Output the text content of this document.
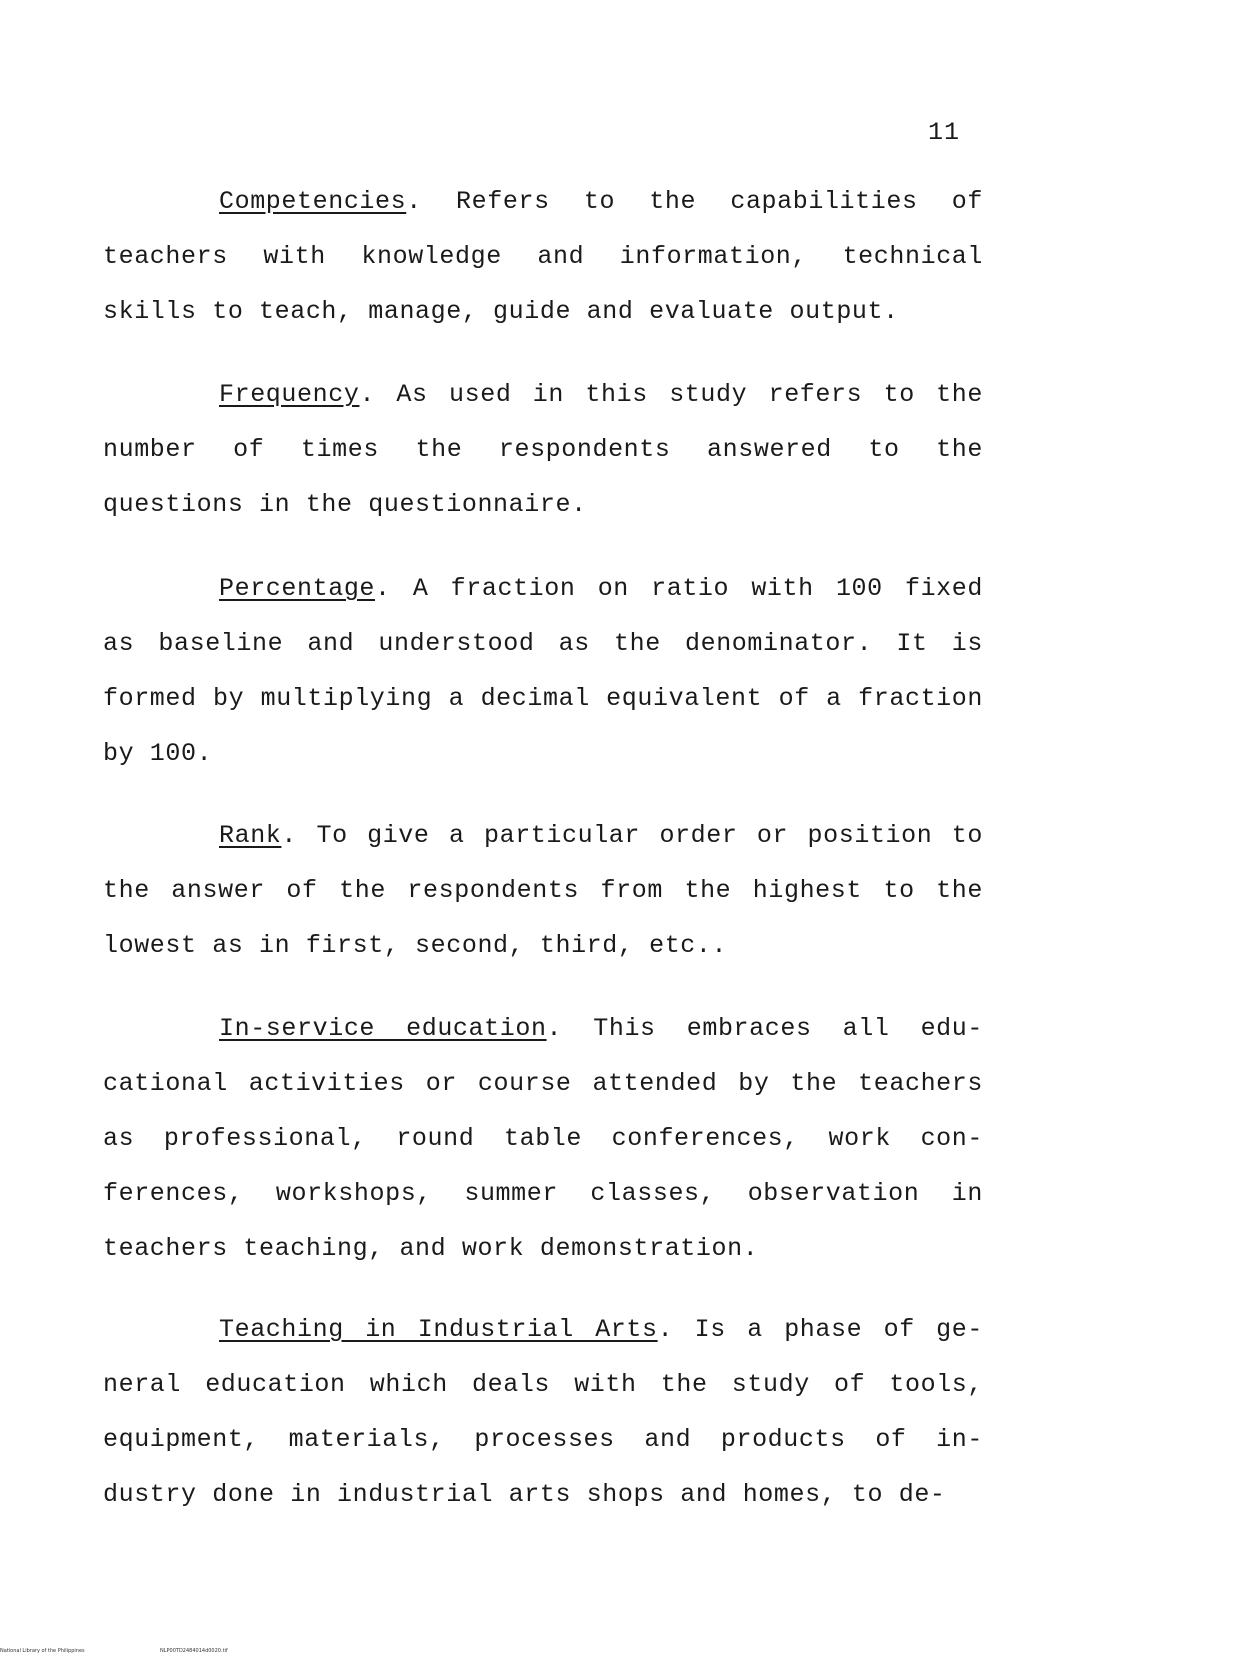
11

Competencies. Refers to the capabilities of teachers with knowledge and information, technical skills to teach, manage, guide and evaluate output.

Frequency. As used in this study refers to the number of times the respondents answered to the questions in the questionnaire.

Percentage. A fraction on ratio with 100 fixed as baseline and understood as the denominator. It is formed by multiplying a decimal equivalent of a fraction by 100.

Rank. To give a particular order or position to the answer of the respondents from the highest to the lowest as in first, second, third, etc..

In-service education. This embraces all edu-cational activities or course attended by the teachers as professional, round table conferences, work con-ferences, workshops, summer classes, observation in teachers teaching, and work demonstration.

Teaching in Industrial Arts. Is a phase of ge-neral education which deals with the study of tools, equipment, materials, processes and products of in-dustry done in industrial arts shops and homes, to de-

National Library of the Philippines	NLP00TD2484014d0020.tif
